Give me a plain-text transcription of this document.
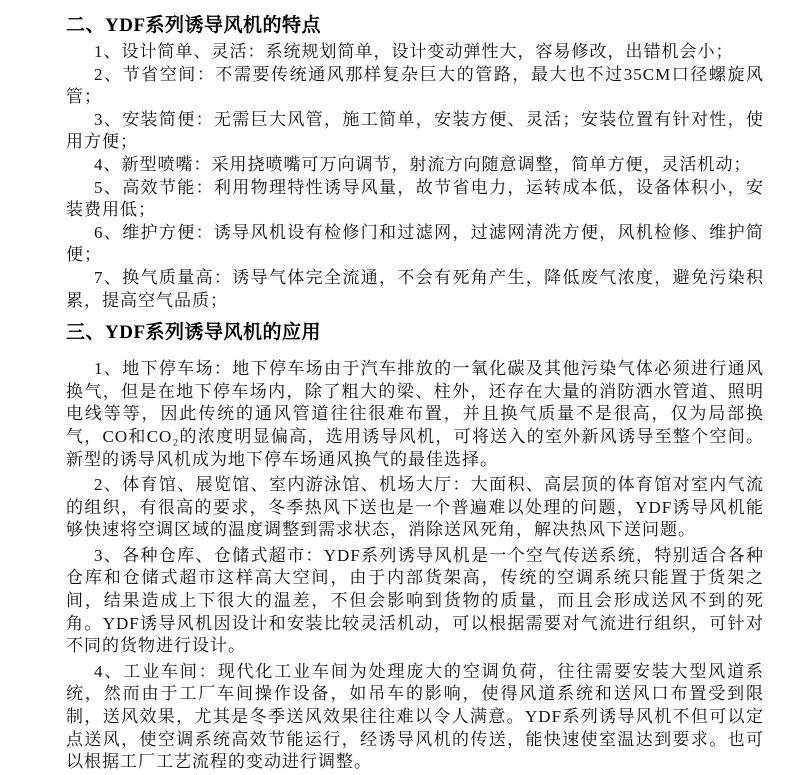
二、YDF系列诱导风机的特点

1、设计简单、灵活：系统规划简单，设计变动弹性大，容易修改，出错机会小；

2、节省空间：不需要传统通风那样复杂巨大的管路，最大也不过35CM口径螺旋风管；

3、安装简便：无需巨大风管，施工简单，安装方便、灵活；安装位置有针对性，使用方便；

4、新型喷嘴：采用挠喷嘴可万向调节，射流方向随意调整，简单方便，灵活机动；

5、高效节能：利用物理特性诱导风量，故节省电力，运转成本低，设备体积小，安装费用低；

6、维护方便：诱导风机设有检修门和过滤网，过滤网清洗方便，风机检修、维护简便；

7、换气质量高：诱导气体完全流通，不会有死角产生，降低废气浓度，避免污染积累，提高空气品质；

三、YDF系列诱导风机的应用

1、地下停车场：地下停车场由于汽车排放的一氧化碳及其他污染气体必须进行通风换气，但是在地下停车场内，除了粗大的梁、柱外，还存在大量的消防洒水管道、照明电线等等，因此传统的通风管道往往很难布置，并且换气质量不是很高，仅为局部换气，CO和CO₂的浓度明显偏高，选用诱导风机，可将送入的室外新风诱导至整个空间。新型的诱导风机成为地下停车场通风换气的最佳选择。

2、体育馆、展览馆、室内游泳馆、机场大厅：大面积、高层顶的体育馆对室内气流的组织，有很高的要求，冬季热风下送也是一个普遍难以处理的问题，YDF诱导风机能够快速将空调区域的温度调整到需求状态，消除送风死角，解决热风下送问题。

3、各种仓库、仓储式超市：YDF系列诱导风机是一个空气传送系统，特别适合各种仓库和仓储式超市这样高大空间，由于内部货架高，传统的空调系统只能置于货架之间，结果造成上下很大的温差，不但会影响到货物的质量，而且会形成送风不到的死角。YDF诱导风机因设计和安装比较灵活机动，可以根据需要对气流进行组织，可针对不同的货物进行设计。

4、工业车间：现代化工业车间为处理庞大的空调负荷，往往需要安装大型风道系统，然而由于工厂车间操作设备，如吊车的影响，使得风道系统和送风口布置受到限制，送风效果，尤其是冬季送风效果往往难以令人满意。YDF系列诱导风机不但可以定点送风，使空调系统高效节能运行，经诱导风机的传送，能快速使室温达到要求。也可以根据工厂工艺流程的变动进行调整。
